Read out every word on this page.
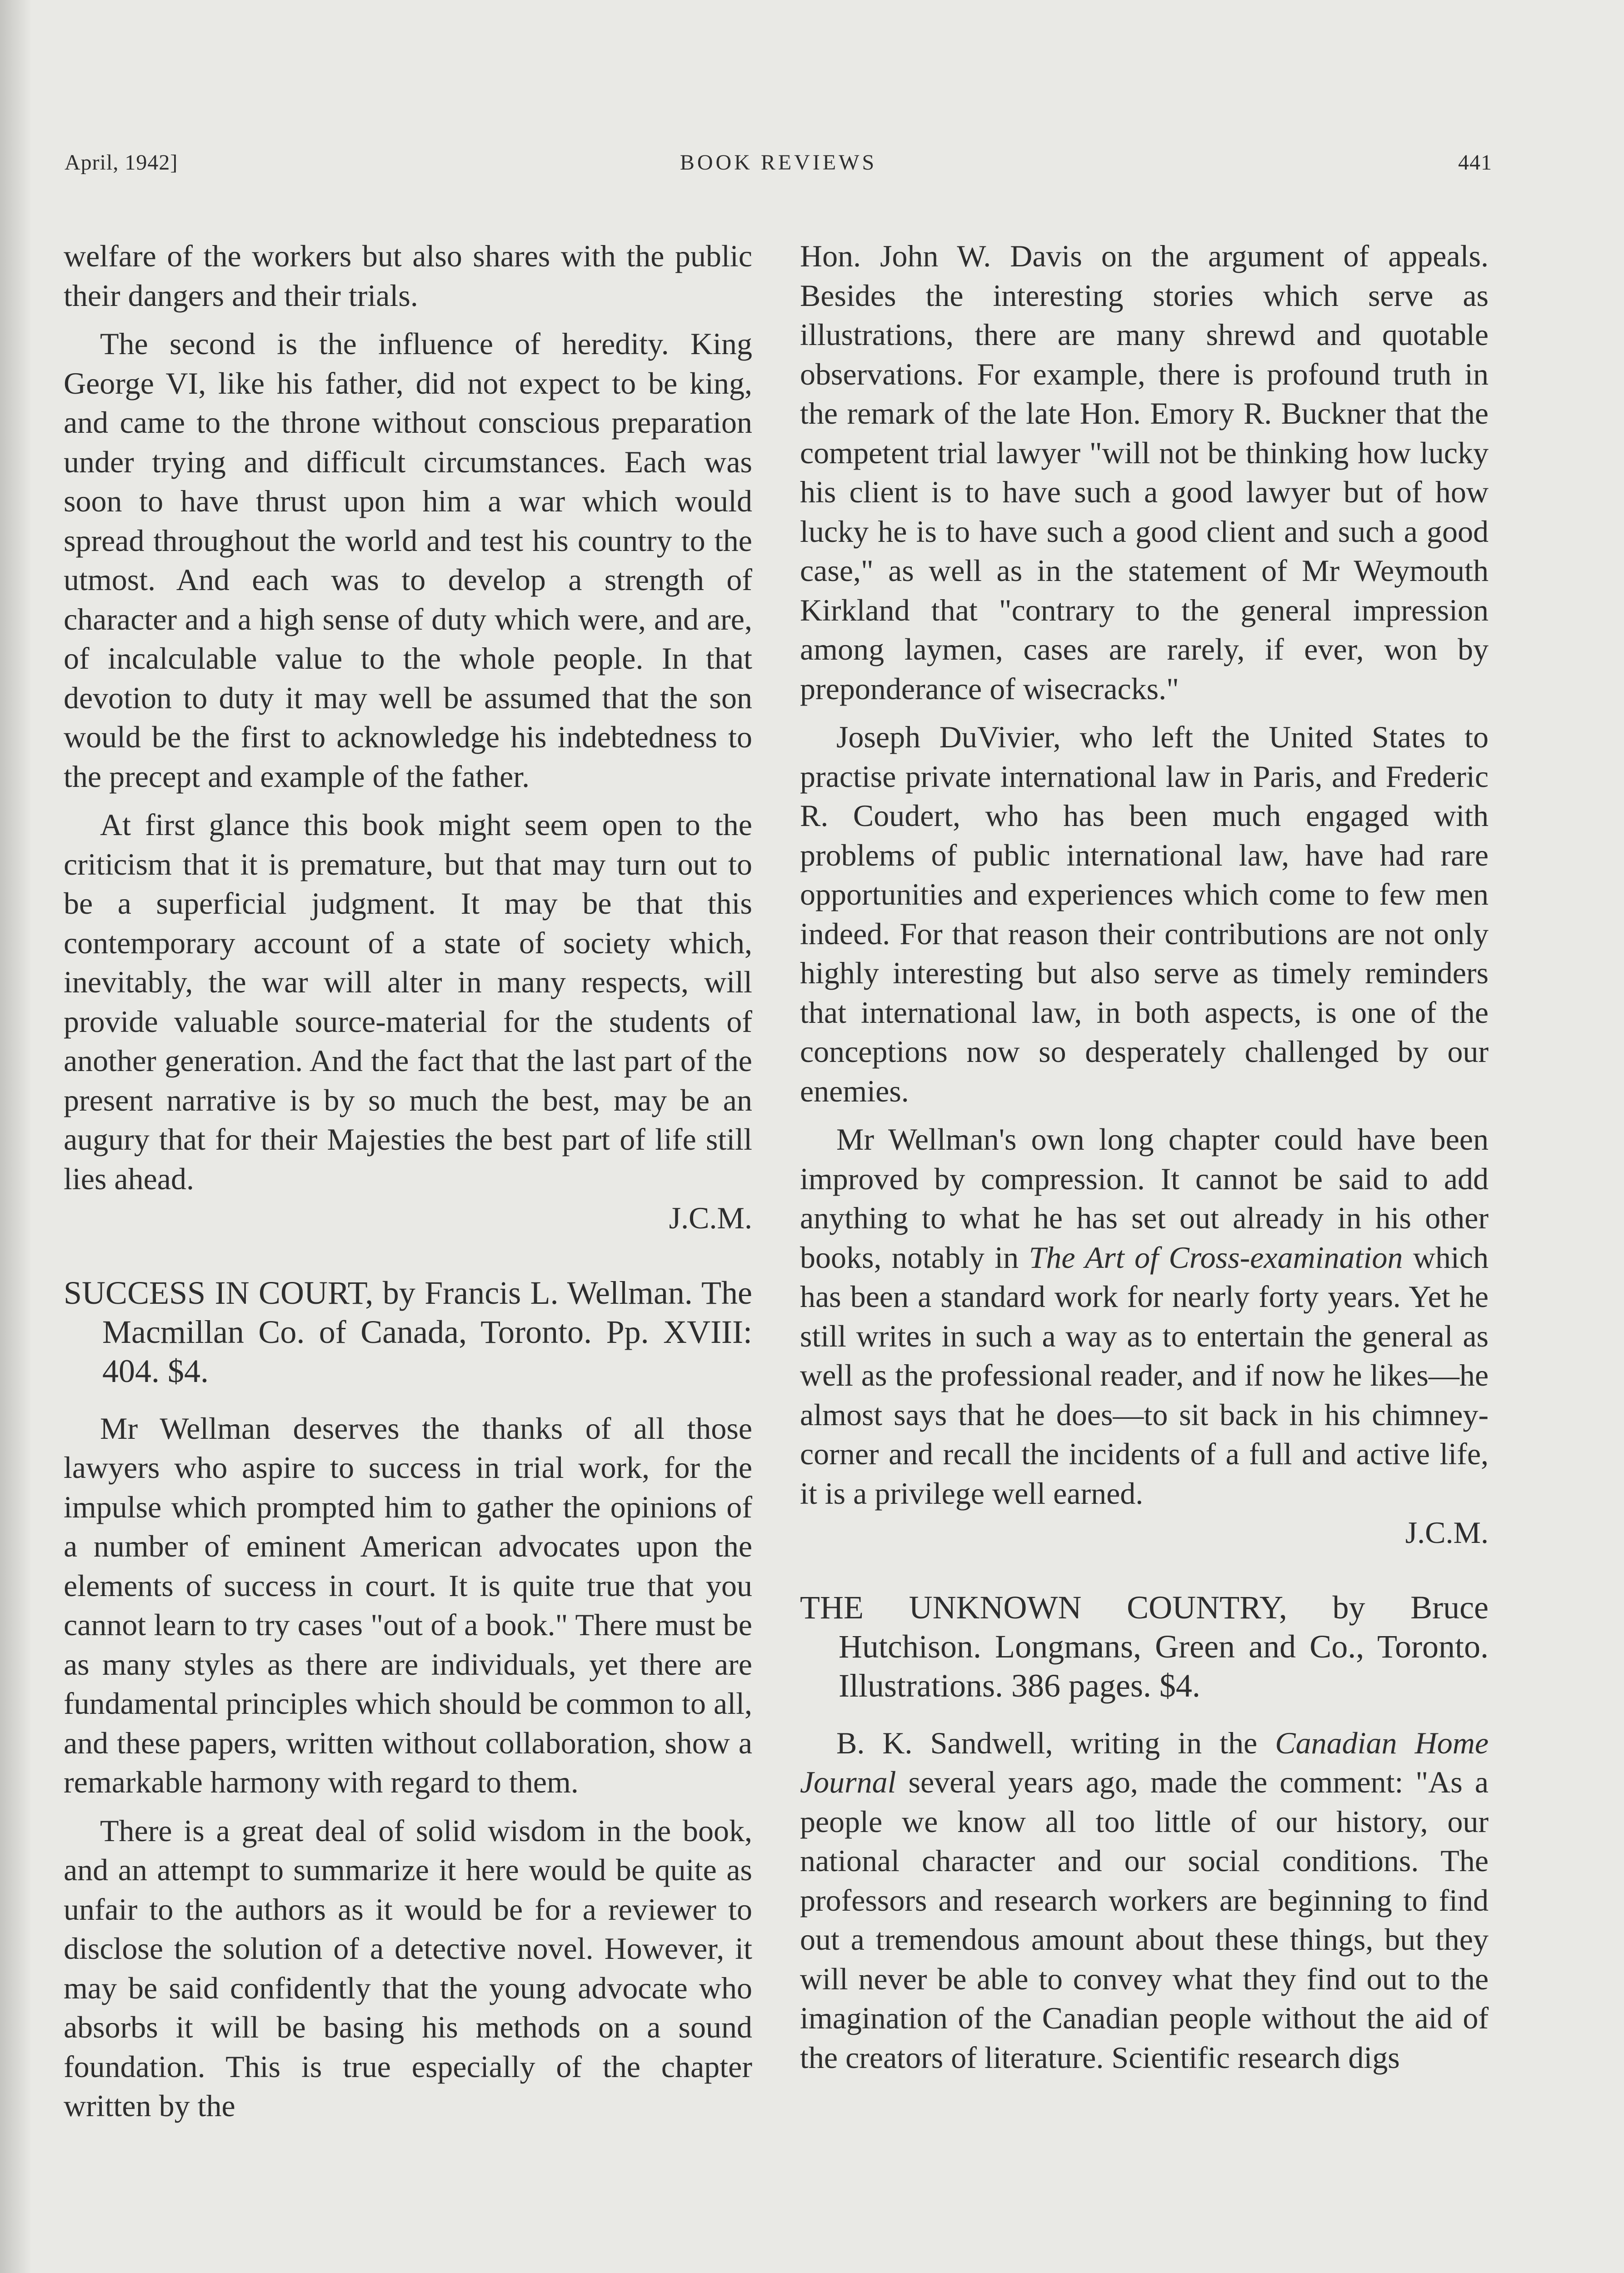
April, 1942]	BOOK REVIEWS	441

welfare of the workers but also shares with the public their dangers and their trials.

The second is the influence of heredity. King George VI, like his father, did not expect to be king, and came to the throne without conscious preparation under trying and difficult circumstances. Each was soon to have thrust upon him a war which would spread throughout the world and test his country to the utmost. And each was to develop a strength of character and a high sense of duty which were, and are, of incalculable value to the whole people. In that devotion to duty it may well be assumed that the son would be the first to acknowledge his indebtedness to the precept and example of the father.

At first glance this book might seem open to the criticism that it is premature, but that may turn out to be a superficial judgment. It may be that this contemporary account of a state of society which, inevitably, the war will alter in many respects, will provide valuable source-material for the students of another generation. And the fact that the last part of the present narrative is by so much the best, may be an augury that for their Majesties the best part of life still lies ahead.

J.C.M.

SUCCESS IN COURT, by Francis L. Wellman. The Macmillan Co. of Canada, Toronto. Pp. XVIII: 404. $4.

Mr Wellman deserves the thanks of all those lawyers who aspire to success in trial work, for the impulse which prompted him to gather the opinions of a number of eminent American advocates upon the elements of success in court. It is quite true that you cannot learn to try cases "out of a book." There must be as many styles as there are individuals, yet there are fundamental principles which should be common to all, and these papers, written without collaboration, show a remarkable harmony with regard to them.

There is a great deal of solid wisdom in the book, and an attempt to summarize it here would be quite as unfair to the authors as it would be for a reviewer to disclose the solution of a detective novel. However, it may be said confidently that the young advocate who absorbs it will be basing his methods on a sound foundation. This is true especially of the chapter written by the

Hon. John W. Davis on the argument of appeals. Besides the interesting stories which serve as illustrations, there are many shrewd and quotable observations. For example, there is profound truth in the remark of the late Hon. Emory R. Buckner that the competent trial lawyer "will not be thinking how lucky his client is to have such a good lawyer but of how lucky he is to have such a good client and such a good case," as well as in the statement of Mr Weymouth Kirkland that "contrary to the general impression among laymen, cases are rarely, if ever, won by preponderance of wisecracks."

Joseph DuVivier, who left the United States to practise private international law in Paris, and Frederic R. Coudert, who has been much engaged with problems of public international law, have had rare opportunities and experiences which come to few men indeed. For that reason their contributions are not only highly interesting but also serve as timely reminders that international law, in both aspects, is one of the conceptions now so desperately challenged by our enemies.

Mr Wellman's own long chapter could have been improved by compression. It cannot be said to add anything to what he has set out already in his other books, notably in The Art of Cross-examination which has been a standard work for nearly forty years. Yet he still writes in such a way as to entertain the general as well as the professional reader, and if now he likes—he almost says that he does—to sit back in his chimney-corner and recall the incidents of a full and active life, it is a privilege well earned.

J.C.M.

THE UNKNOWN COUNTRY, by Bruce Hutchison. Longmans, Green and Co., Toronto. Illustrations. 386 pages. $4.

B. K. Sandwell, writing in the Canadian Home Journal several years ago, made the comment: "As a people we know all too little of our history, our national character and our social conditions. The professors and research workers are beginning to find out a tremendous amount about these things, but they will never be able to convey what they find out to the imagination of the Canadian people without the aid of the creators of literature. Scientific research digs
